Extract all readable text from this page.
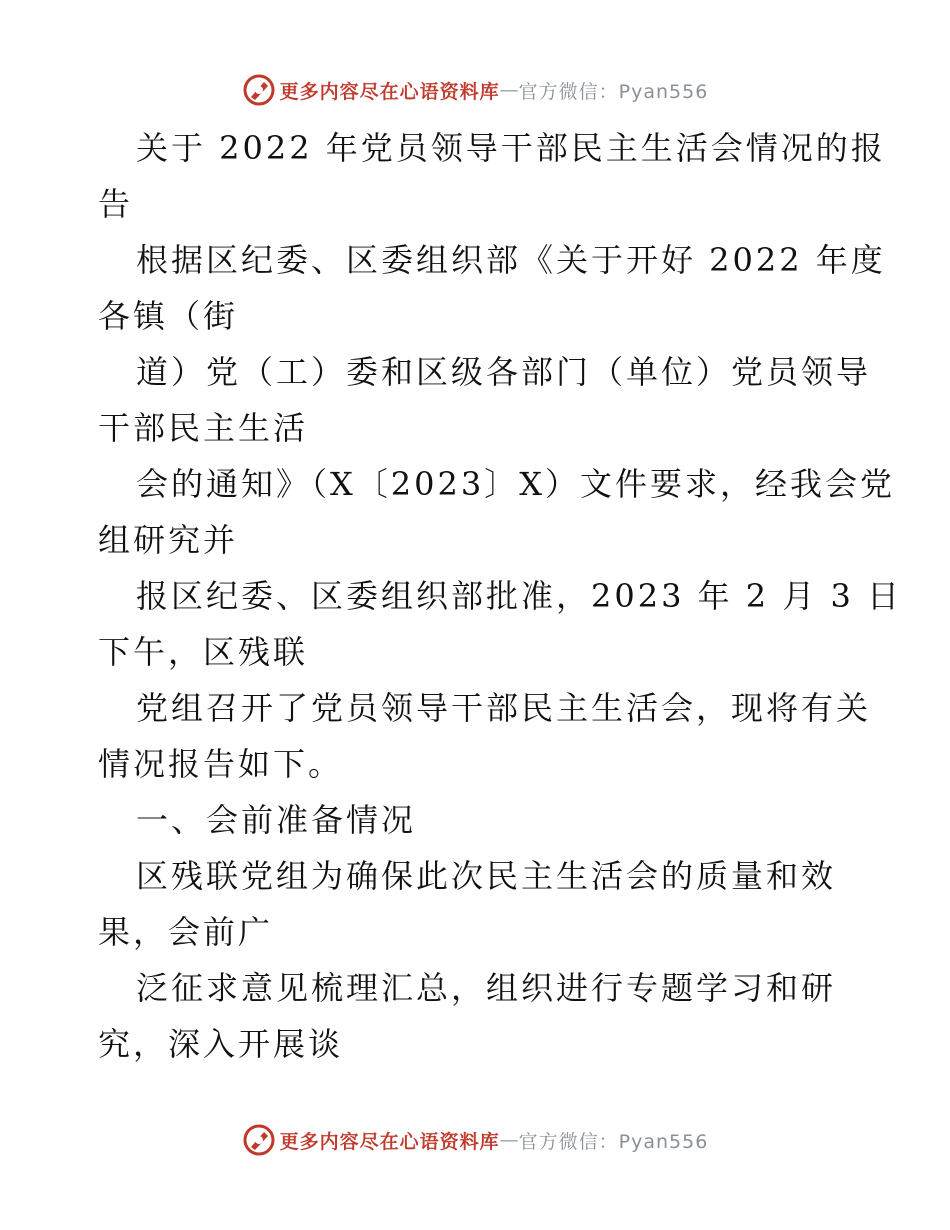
更多内容尽在心语资料库 — 官方微信：Pyan556
关于 2022 年党员领导干部民主生活会情况的报
告
根据区纪委、区委组织部《关于开好 2022 年度
各镇（街
道）党（工）委和区级各部门（单位）党员领导
干部民主生活
会的通知》（X〔2023〕X）文件要求，经我会党
组研究并
报区纪委、区委组织部批准，2023 年 2 月 3 日
下午，区残联
党组召开了党员领导干部民主生活会，现将有关
情况报告如下。
一、会前准备情况
区残联党组为确保此次民主生活会的质量和效
果，会前广
泛征求意见梳理汇总，组织进行专题学习和研
究，深入开展谈
更多内容尽在心语资料库 — 官方微信：Pyan556
